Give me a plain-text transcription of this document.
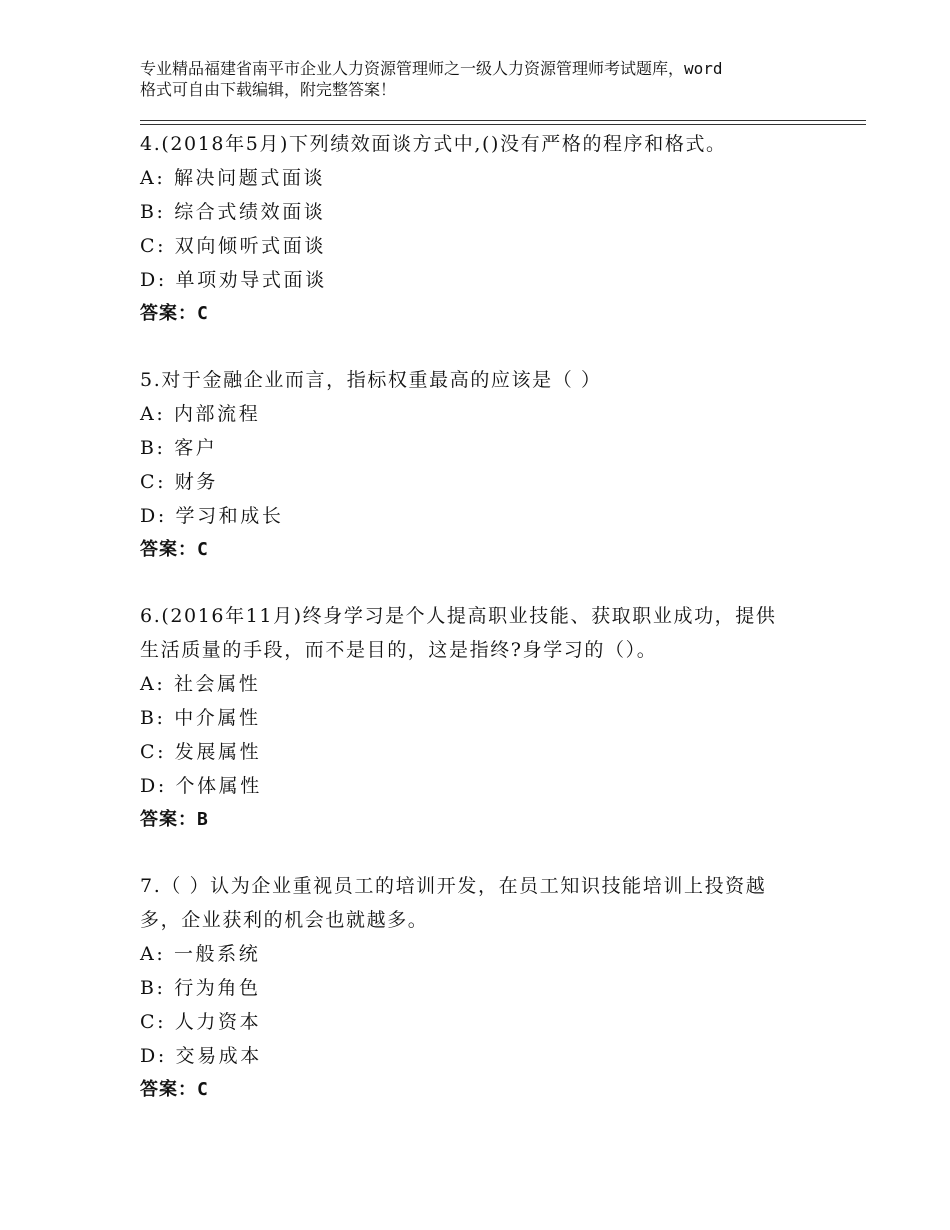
专业精品福建省南平市企业人力资源管理师之一级人力资源管理师考试题库，word
格式可自由下载编辑，附完整答案！

4.(2018年5月)下列绩效面谈方式中,()没有严格的程序和格式。

A: 解决问题式面谈

B: 综合式绩效面谈

C: 双向倾听式面谈

D: 单项劝导式面谈

答案：C

5.对于金融企业而言，指标权重最高的应该是（ ）

A: 内部流程

B: 客户

C: 财务

D: 学习和成长

答案：C

6.(2016年11月)终身学习是个人提高职业技能、获取职业成功，提供

生活质量的手段，而不是目的，这是指终?身学习的（）。

A: 社会属性

B: 中介属性

C: 发展属性

D: 个体属性

答案：B

7.（ ）认为企业重视员工的培训开发，在员工知识技能培训上投资越

多，企业获利的机会也就越多。

A: 一般系统

B: 行为角色

C: 人力资本

D: 交易成本

答案：C
